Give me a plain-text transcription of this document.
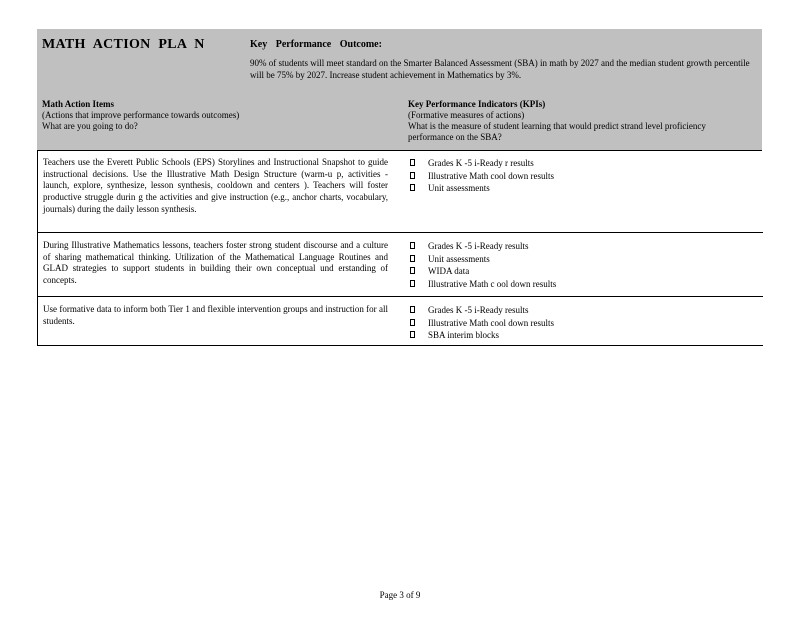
MATH ACTION PLA N	Key Performance Outcome:
90% of students will meet standard on the Smarter Balanced Assessment (SBA) in math by 2027 and the median student growth percentile will be 75% by 2027. Increase student achievement in Mathematics by 3%.
Math Action Items
(Actions that improve performance towards outcomes)
What are you going to do?
Key Performance Indicators (KPIs)
(Formative measures of actions)
What is the measure of student learning that would predict strand level proficiency performance on the SBA?
Teachers use the Everett Public Schools (EPS) Storylines and Instructional Snapshot to guide instructional decisions. Use the Illustrative Math Design Structure (warm-u p, activities - launch, explore, synthesize, lesson synthesis, cooldown and centers ). Teachers will foster productive struggle durin g the activities and give instruction (e.g., anchor charts, vocabulary, journals) during the daily lesson synthesis.
Grades K -5 i-Ready r results
Illustrative Math cool down results
Unit assessments
During Illustrative Mathematics lessons, teachers foster strong student discourse and a culture of sharing mathematical thinking. Utilization of the Mathematical Language Routines and GLAD strategies to support students in building their own conceptual und erstanding of concepts.
Grades K -5 i-Ready results
Unit assessments
WIDA data
Illustrative Math c ool down results
Use formative data to inform both Tier 1 and flexible intervention groups and instruction for all students.
Grades K -5 i-Ready results
Illustrative Math cool down results
SBA interim blocks
Page 3 of 9
